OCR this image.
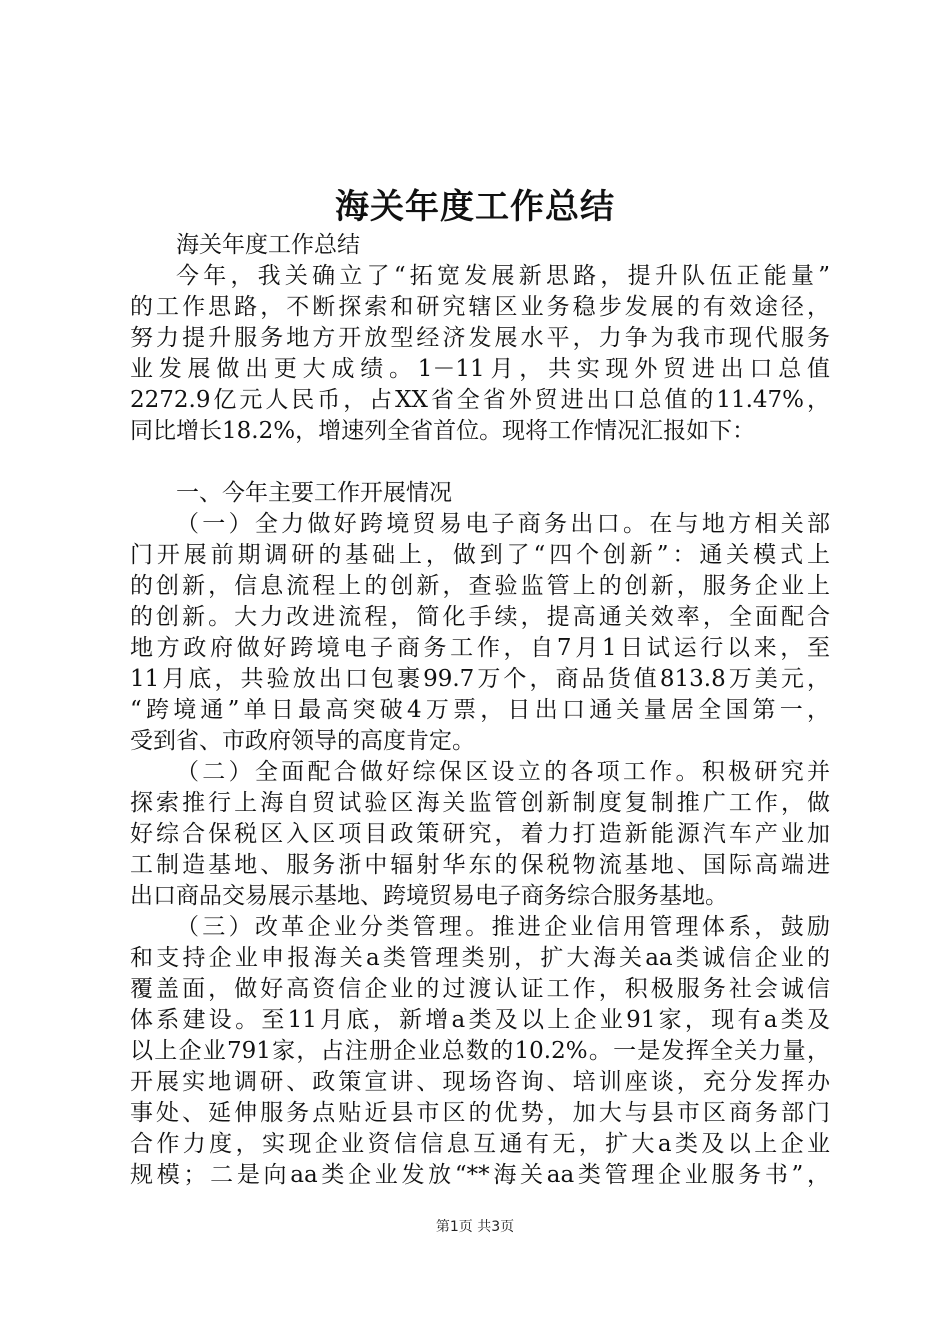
海关年度工作总结
海关年度工作总结
今年，我关确立了“拓宽发展新思路，提升队伍正能量”
的工作思路，不断探索和研究辖区业务稳步发展的有效途径，
努力提升服务地方开放型经济发展水平，力争为我市现代服务
业发展做出更大成绩。1－11月，共实现外贸进出口总值
2272.9亿元人民币，占XX省全省外贸进出口总值的11.47%，
同比增长18.2%，增速列全省首位。现将工作情况汇报如下：
一、今年主要工作开展情况
（一）全力做好跨境贸易电子商务出口。在与地方相关部
门开展前期调研的基础上，做到了“四个创新”：通关模式上
的创新，信息流程上的创新，查验监管上的创新，服务企业上
的创新。大力改进流程，简化手续，提高通关效率，全面配合
地方政府做好跨境电子商务工作，自7月1日试运行以来，至
11月底，共验放出口包裹99.7万个，商品货值813.8万美元，
“跨境通”单日最高突破4万票，日出口通关量居全国第一，
受到省、市政府领导的高度肯定。
（二）全面配合做好综保区设立的各项工作。积极研究并
探索推行上海自贸试验区海关监管创新制度复制推广工作，做
好综合保税区入区项目政策研究，着力打造新能源汽车产业加
工制造基地、服务浙中辐射华东的保税物流基地、国际高端进
出口商品交易展示基地、跨境贸易电子商务综合服务基地。
（三）改革企业分类管理。推进企业信用管理体系，鼓励
和支持企业申报海关a类管理类别，扩大海关aa类诚信企业的
覆盖面，做好高资信企业的过渡认证工作，积极服务社会诚信
体系建设。至11月底，新增a类及以上企业91家，现有a类及
以上企业791家，占注册企业总数的10.2%。一是发挥全关力量，
开展实地调研、政策宣讲、现场咨询、培训座谈，充分发挥办
事处、延伸服务点贴近县市区的优势，加大与县市区商务部门
合作力度，实现企业资信信息互通有无，扩大a类及以上企业
规模；二是向aa类企业发放“**海关aa类管理企业服务书”，
第1页 共3页
